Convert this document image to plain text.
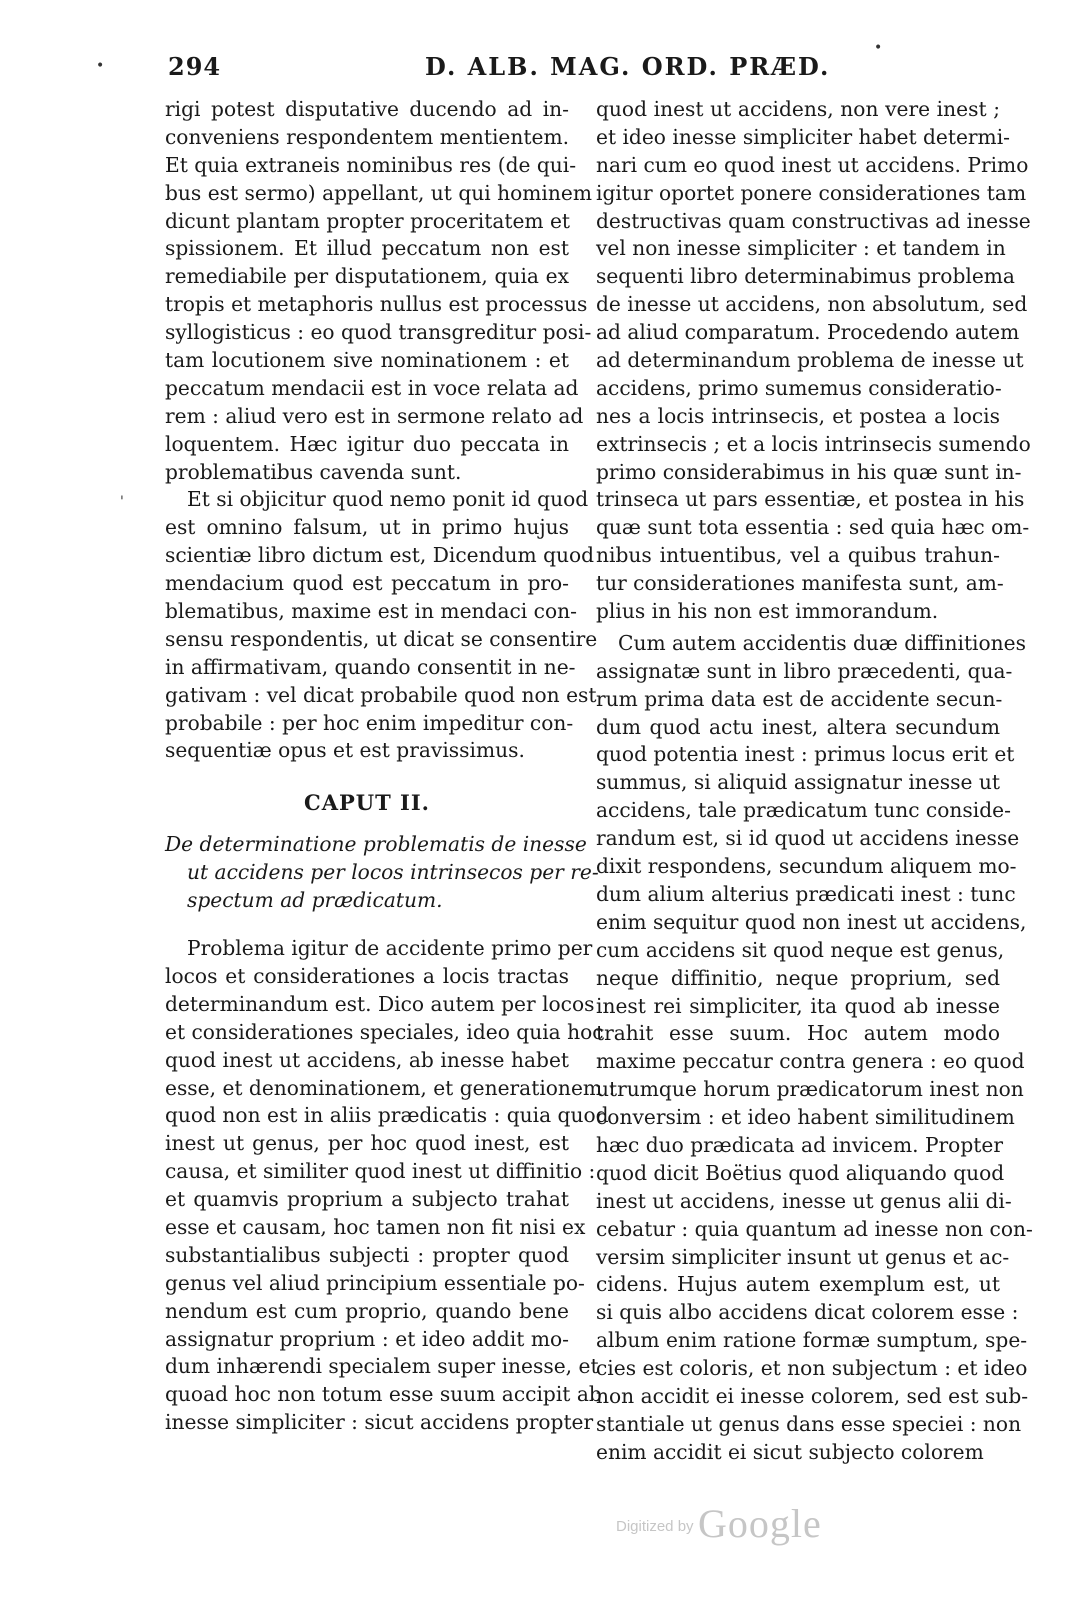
294	D. ALB. MAG. ORD. PRÆD.
•
•
'
rigi potest disputative ducendo ad in-
conveniens respondentem mentientem.
Et quia extraneis nominibus res (de qui-
bus est sermo) appellant, ut qui hominem
dicunt plantam propter proceritatem et
spissionem. Et illud peccatum non est
remediabile per disputationem, quia ex
tropis et metaphoris nullus est processus
syllogisticus : eo quod transgreditur posi-
tam locutionem sive nominationem : et
peccatum mendacii est in voce relata ad
rem : aliud vero est in sermone relato ad
loquentem. Hæc igitur duo peccata in
problematibus cavenda sunt.
Et si objicitur quod nemo ponit id quod
est omnino falsum, ut in primo hujus
scientiæ libro dictum est, Dicendum quod
mendacium quod est peccatum in pro-
blematibus, maxime est in mendaci con-
sensu respondentis, ut dicat se consentire
in affirmativam, quando consentit in ne-
gativam : vel dicat probabile quod non est
probabile : per hoc enim impeditur con-
sequentiæ opus et est pravissimus.
CAPUT II.
De determinatione problematis de inesse
ut accidens per locos intrinsecos per re-
spectum ad prædicatum.
Problema igitur de accidente primo per
locos et considerationes a locis tractas
determinandum est. Dico autem per locos
et considerationes speciales, ideo quia hoc
quod inest ut accidens, ab inesse habet
esse, et denominationem, et generationem :
quod non est in aliis prædicatis : quia quod
inest ut genus, per hoc quod inest, est
causa, et similiter quod inest ut diffinitio :
et quamvis proprium a subjecto trahat
esse et causam, hoc tamen non fit nisi ex
substantialibus subjecti : propter quod
genus vel aliud principium essentiale po-
nendum est cum proprio, quando bene
assignatur proprium : et ideo addit mo-
dum inhærendi specialem super inesse, et
quoad hoc non totum esse suum accipit ab
inesse simpliciter : sicut accidens propter
quod inest ut accidens, non vere inest ;
et ideo inesse simpliciter habet determi-
nari cum eo quod inest ut accidens. Primo
igitur oportet ponere considerationes tam
destructivas quam constructivas ad inesse
vel non inesse simpliciter : et tandem in
sequenti libro determinabimus problema
de inesse ut accidens, non absolutum, sed
ad aliud comparatum. Procedendo autem
ad determinandum problema de inesse ut
accidens, primo sumemus consideratio-
nes a locis intrinsecis, et postea a locis
extrinsecis ; et a locis intrinsecis sumendo
primo considerabimus in his quæ sunt in-
trinseca ut pars essentiæ, et postea in his
quæ sunt tota essentia : sed quia hæc om-
nibus intuentibus, vel a quibus trahun-
tur considerationes manifesta sunt, am-
plius in his non est immorandum.
Cum autem accidentis duæ diffinitiones
assignatæ sunt in libro præcedenti, qua-
rum prima data est de accidente secun-
dum quod actu inest, altera secundum
quod potentia inest : primus locus erit et
summus, si aliquid assignatur inesse ut
accidens, tale prædicatum tunc conside-
randum est, si id quod ut accidens inesse
dixit respondens, secundum aliquem mo-
dum alium alterius prædicati inest : tunc
enim sequitur quod non inest ut accidens,
cum accidens sit quod neque est genus,
neque diffinitio, neque proprium, sed
inest rei simpliciter, ita quod ab inesse
trahit esse suum. Hoc autem modo
maxime peccatur contra genera : eo quod
utrumque horum prædicatorum inest non
conversim : et ideo habent similitudinem
hæc duo prædicata ad invicem. Propter
quod dicit Boëtius quod aliquando quod
inest ut accidens, inesse ut genus alii di-
cebatur : quia quantum ad inesse non con-
versim simpliciter insunt ut genus et ac-
cidens. Hujus autem exemplum est, ut
si quis albo accidens dicat colorem esse :
album enim ratione formæ sumptum, spe-
cies est coloris, et non subjectum : et ideo
non accidit ei inesse colorem, sed est sub-
stantiale ut genus dans esse speciei : non
enim accidit ei sicut subjecto colorem
Digitized by Google
